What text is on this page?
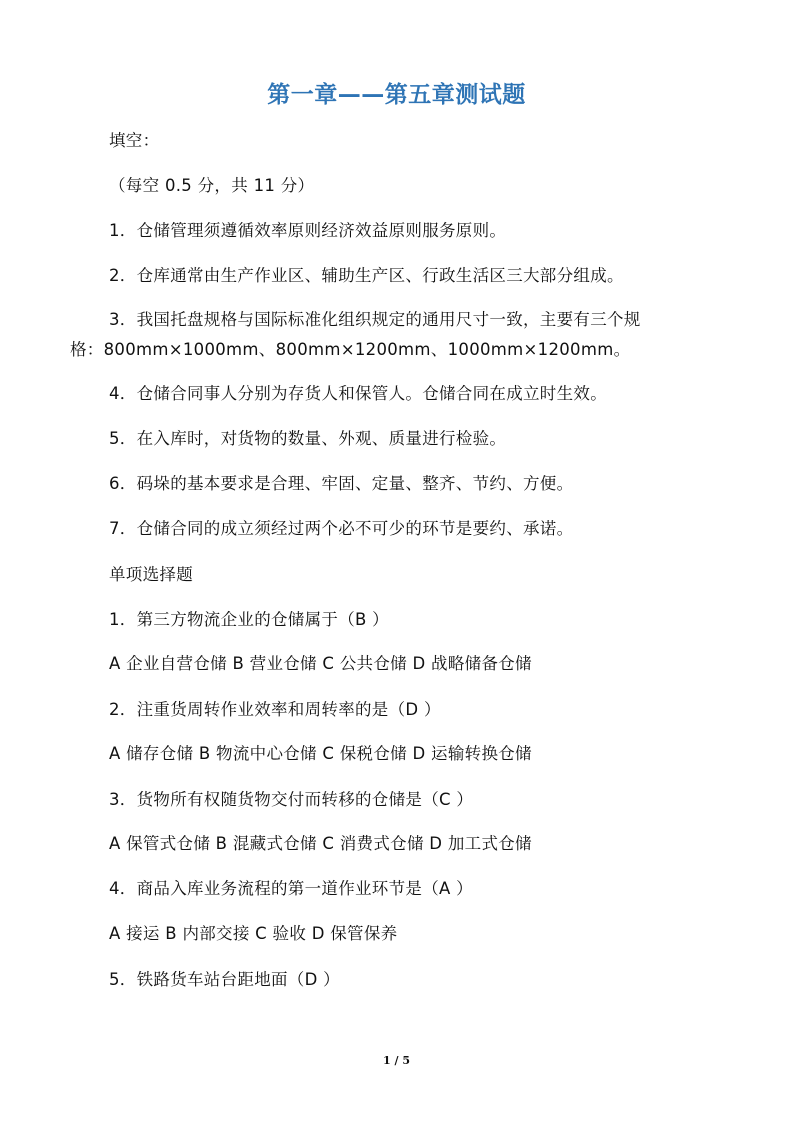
第一章——第五章测试题
填空：
（每空 0.5 分，共 11 分）
1．仓储管理须遵循效率原则经济效益原则服务原则。
2．仓库通常由生产作业区、辅助生产区、行政生活区三大部分组成。
3．我国托盘规格与国际标准化组织规定的通用尺寸一致，主要有三个规
格：800mm×1000mm、800mm×1200mm、1000mm×1200mm。
4．仓储合同事人分别为存货人和保管人。仓储合同在成立时生效。
5．在入库时，对货物的数量、外观、质量进行检验。
6．码垛的基本要求是合理、牢固、定量、整齐、节约、方便。
7．仓储合同的成立须经过两个必不可少的环节是要约、承诺。
单项选择题
1．第三方物流企业的仓储属于（B ）
A 企业自营仓储 B 营业仓储 C 公共仓储 D 战略储备仓储
2．注重货周转作业效率和周转率的是（D ）
A 储存仓储 B 物流中心仓储 C 保税仓储 D 运输转换仓储
3．货物所有权随货物交付而转移的仓储是（C ）
A 保管式仓储 B 混藏式仓储 C 消费式仓储 D 加工式仓储
4．商品入库业务流程的第一道作业环节是（A ）
A 接运 B 内部交接 C 验收 D 保管保养
5．铁路货车站台距地面（D ）
1 / 5
